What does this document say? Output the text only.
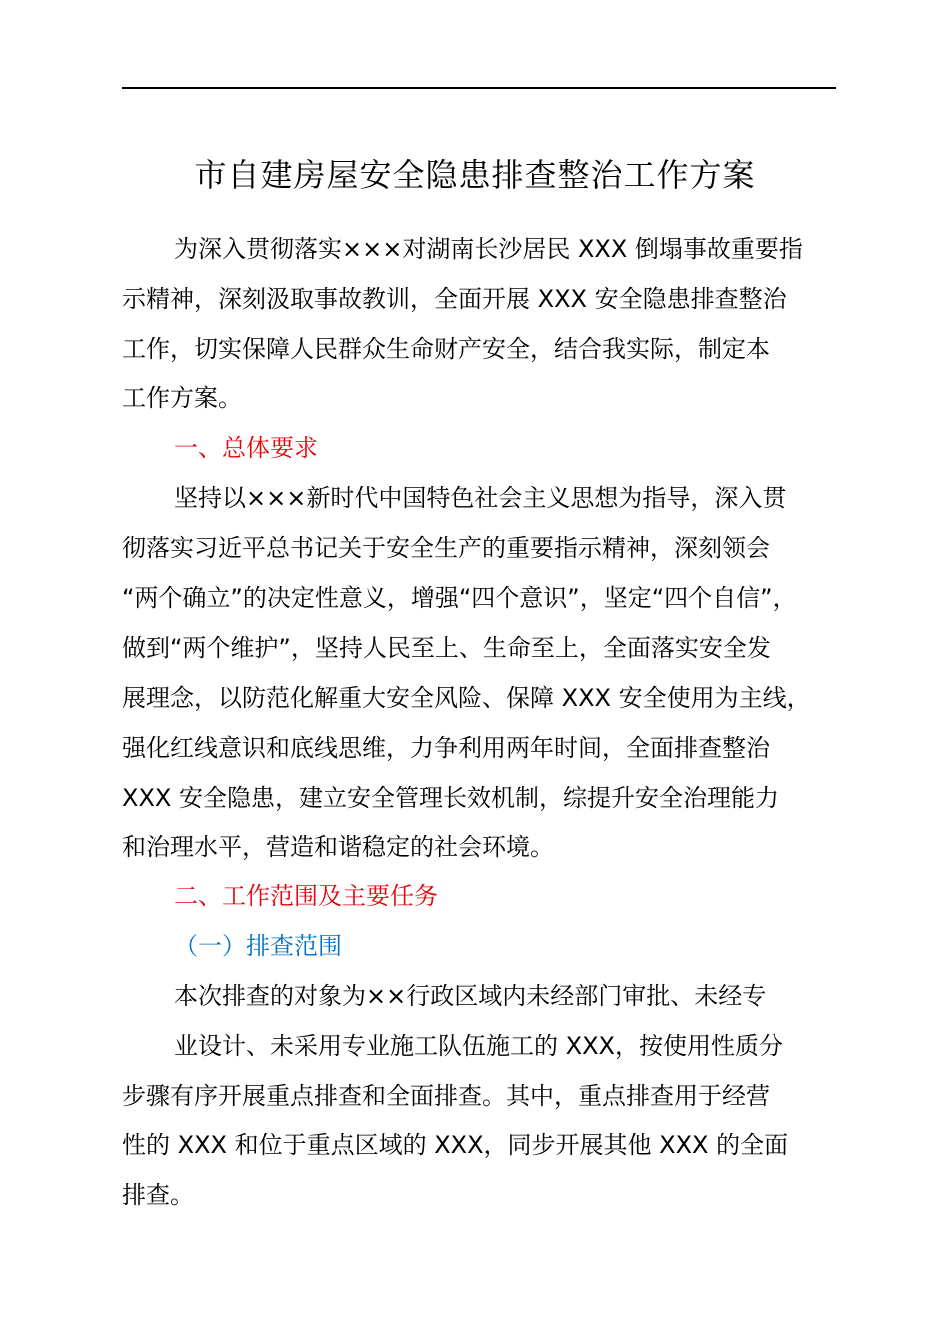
市自建房屋安全隐患排查整治工作方案
为深入贯彻落实×××对湖南长沙居民 XXX 倒塌事故重要指
示精神，深刻汲取事故教训，全面开展 XXX 安全隐患排查整治
工作，切实保障人民群众生命财产安全，结合我实际，制定本
工作方案。
一、总体要求
坚持以×××新时代中国特色社会主义思想为指导，深入贯
彻落实习近平总书记关于安全生产的重要指示精神，深刻领会
“两个确立”的决定性意义，增强“四个意识”，坚定“四个自信”，
做到“两个维护”，坚持人民至上、生命至上，全面落实安全发
展理念，以防范化解重大安全风险、保障 XXX 安全使用为主线，
强化红线意识和底线思维，力争利用两年时间，全面排查整治
XXX 安全隐患，建立安全管理长效机制，综提升安全治理能力
和治理水平，营造和谐稳定的社会环境。
二、工作范围及主要任务
（一）排查范围
本次排查的对象为××行政区域内未经部门审批、未经专
业设计、未采用专业施工队伍施工的 XXX，按使用性质分
步骤有序开展重点排查和全面排查。其中，重点排查用于经营
性的 XXX 和位于重点区域的 XXX，同步开展其他 XXX 的全面
排查。
